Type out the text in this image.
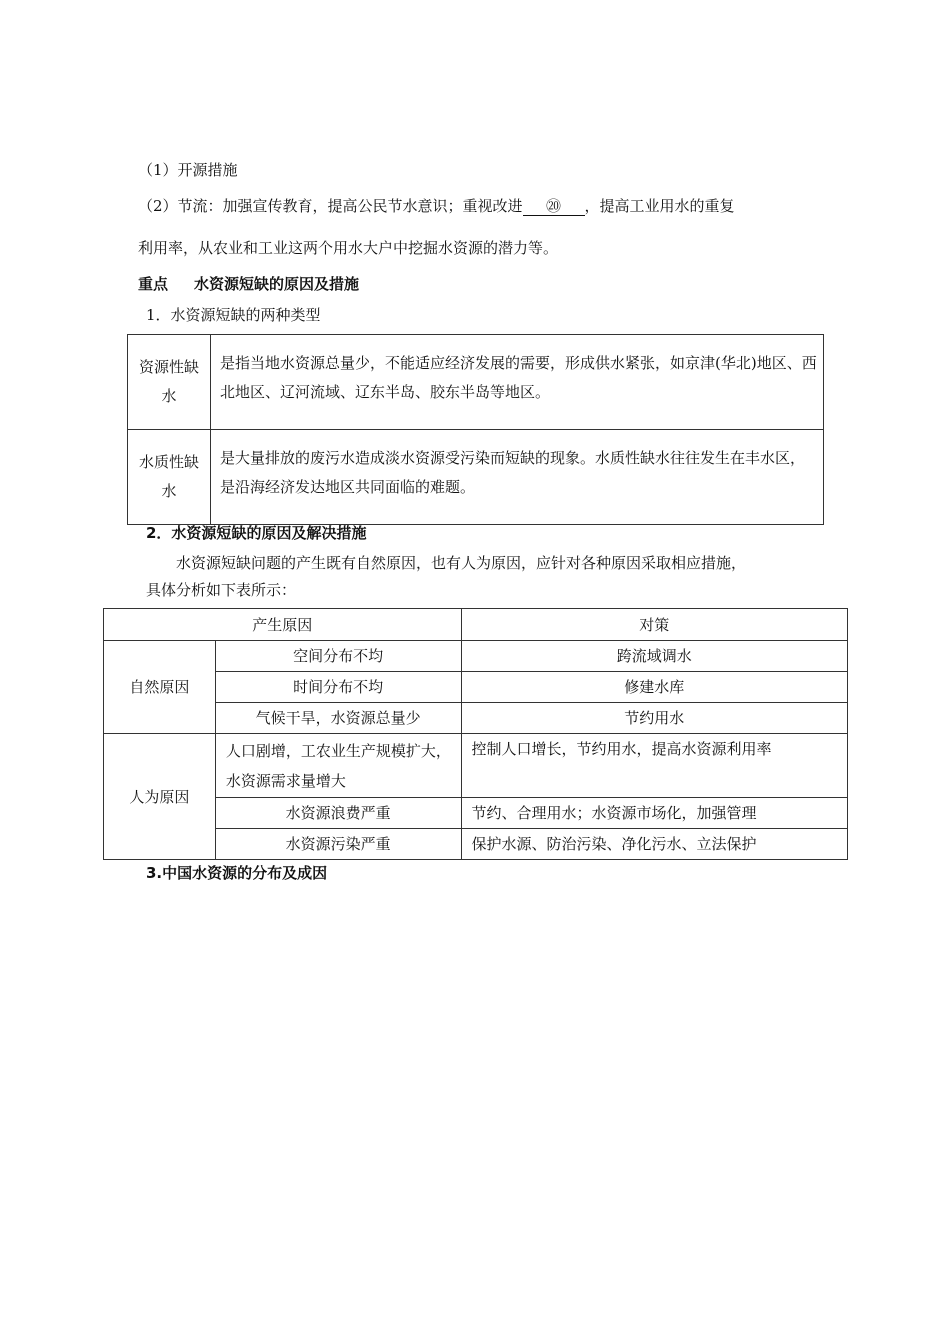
（1）开源措施
（2）节流：加强宣传教育，提高公民节水意识；重视改进 ⑳ ，提高工业用水的重复
利用率，从农业和工业这两个用水大户中挖掘水资源的潜力等。
重点 水资源短缺的原因及措施
1．水资源短缺的两种类型
资源性缺水	是指当地水资源总量少，不能适应经济发展的需要，形成供水紧张，如京津(华北)地区、西北地区、辽河流域、辽东半岛、胶东半岛等地区。

水质性缺水	是大量排放的废污水造成淡水资源受污染而短缺的现象。水质性缺水往往发生在丰水区，是沿海经济发达地区共同面临的难题。
2．水资源短缺的原因及解决措施
水资源短缺问题的产生既有自然原因，也有人为原因，应针对各种原因采取相应措施，
具体分析如下表所示：
产生原因		对策
自然原因	空间分布不均	跨流域调水
	时间分布不均	修建水库
	气候干旱，水资源总量少	节约用水
人为原因	人口剧增，工农业生产规模扩大，水资源需求量增大	控制人口增长，节约用水，提高水资源利用率
	水资源浪费严重	节约、合理用水；水资源市场化，加强管理
	水资源污染严重	保护水源、防治污染、净化污水、立法保护
3.中国水资源的分布及成因
